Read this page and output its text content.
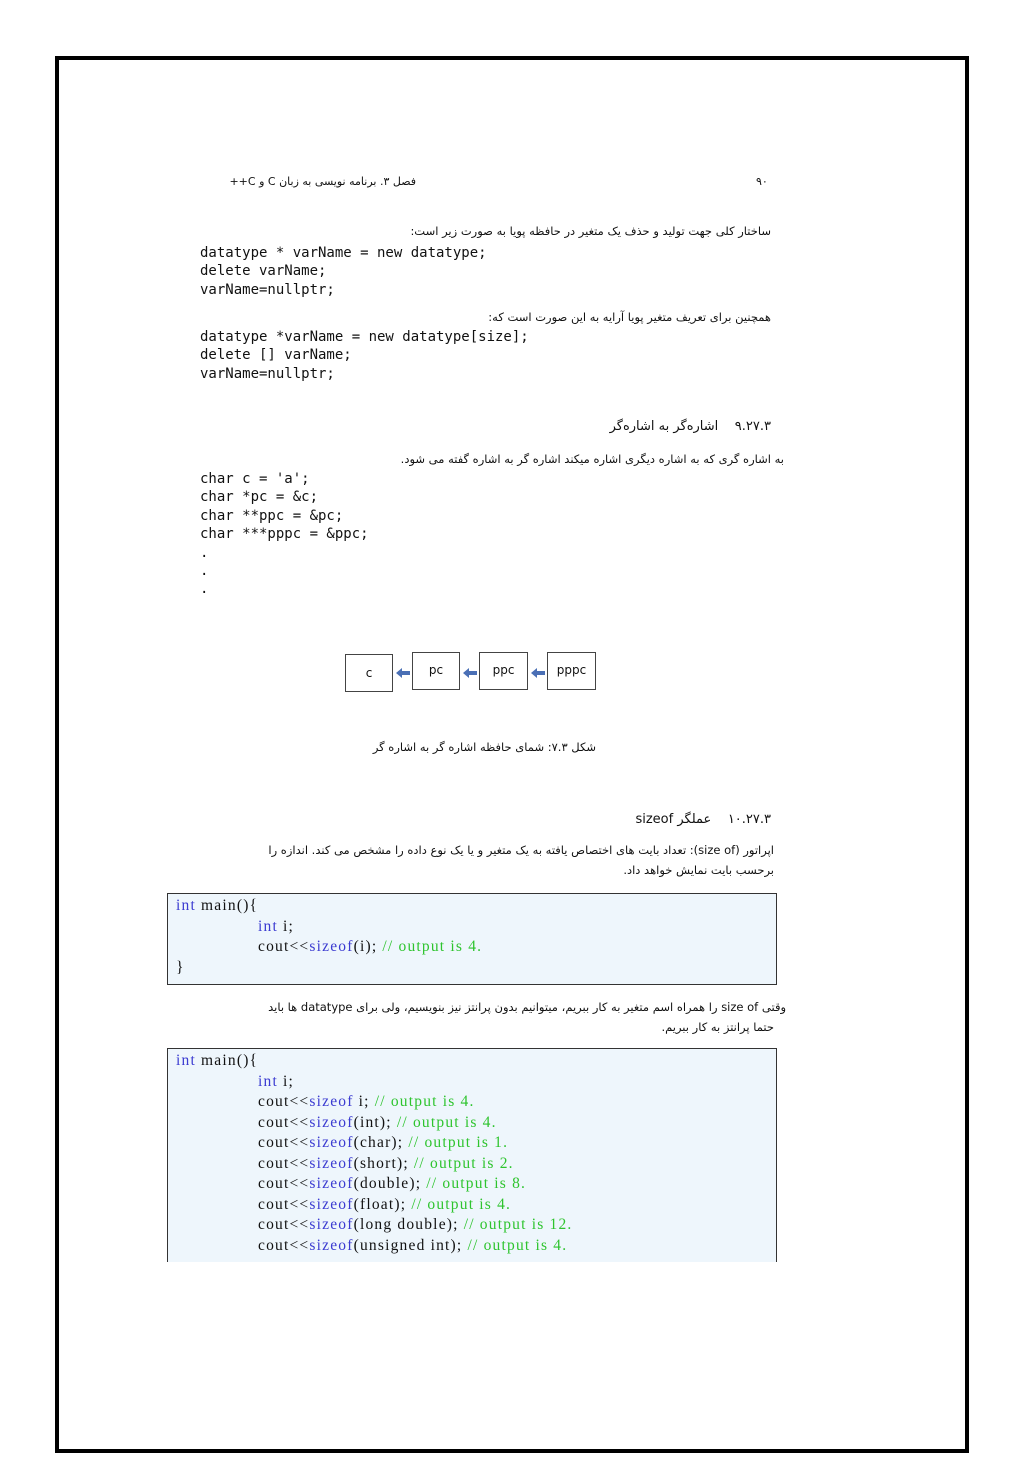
۹۰
فصل ۳. برنامه نویسی به زبان C و C++
ساختار کلی جهت تولید و حذف یک متغیر در حافظه پویا به صورت زیر است:
datatype * varName = new datatype;
delete varName;
varName=nullptr;
همچنین برای تعریف متغیر پویا آرایه به این صورت است که:
datatype *varName = new datatype[size];
delete [] varName;
varName=nullptr;
۹.۲۷.۳    اشاره‌گر به اشاره‌گر
به اشاره گری که به اشاره دیگری اشاره میکند اشاره گر به اشاره گفته می شود.
char c = 'a';
char *pc = &c;
char **ppc = &pc;
char ***pppc = &ppc;
.
.
.
c	pc	ppc	pppc
شکل ۷.۳: شمای حافظه اشاره گر به اشاره گر
۱۰.۲۷.۳    عملگر sizeof
اپراتور (size of): تعداد بایت های اختصاص یافته به یک متغیر و یا یک نوع داده را مشخص می کند. اندازه را
برحسب بایت نمایش خواهد داد.
int main(){
int i;
cout<<sizeof(i); // output is 4.
}
وقتی size of را همراه اسم متغیر به کار ببریم، میتوانیم بدون پرانتز نیز بنویسیم، ولی برای datatype ها باید
حتما پرانتز به کار ببریم.
int main(){
int i;
cout<<sizeof i; // output is 4.
cout<<sizeof(int); // output is 4.
cout<<sizeof(char); // output is 1.
cout<<sizeof(short); // output is 2.
cout<<sizeof(double); // output is 8.
cout<<sizeof(float); // output is 4.
cout<<sizeof(long double); // output is 12.
cout<<sizeof(unsigned int); // output is 4.
